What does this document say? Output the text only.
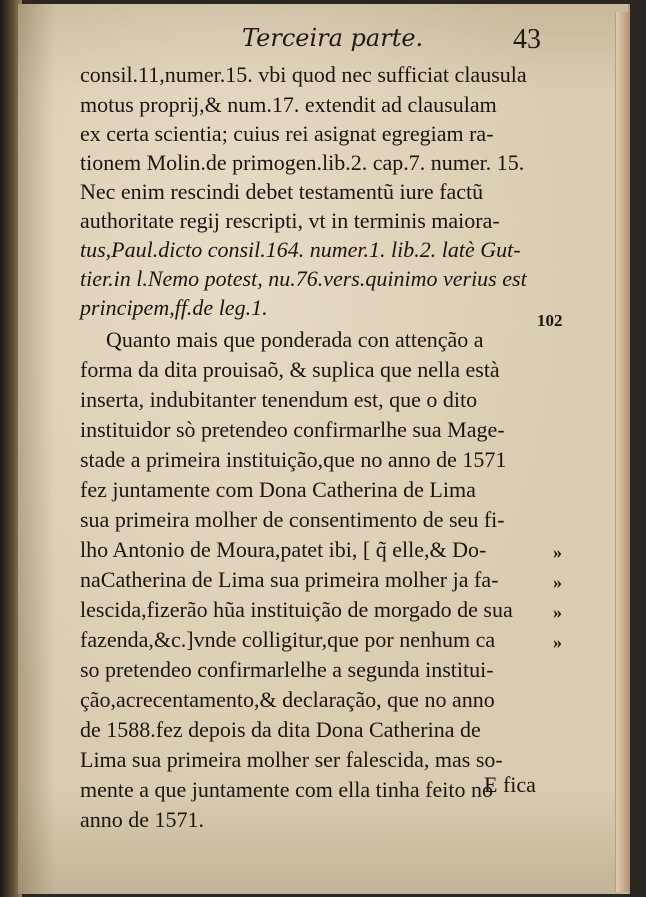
Terceira parte.	43
consil.11,numer.15. vbi quod nec sufficiat clausula
motus proprij,& num.17. extendit ad clausulam
ex certa scientia; cuius rei asignat egregiam ra-
tionem Molin.de primogen.lib.2. cap.7. numer. 15.
Nec enim rescindi debet testamentũ iure factũ
authoritate regij rescripti, vt in terminis maiora-
tus,Paul.dicto consil.164. numer.1. lib.2. latè Gut-
tier.in l.Nemo potest, nu.76.vers.quinimo verius est
principem,ff.de leg.1.
Quanto mais que ponderada con attenção a
102
forma da dita prouisaõ, & suplica que nella està
inserta, indubitanter tenendum est, que o dito
instituidor sò pretendeo confirmarlhe sua Mage-
stade a primeira instituição,que no anno de 1571
fez juntamente com Dona Catherina de Lima
sua primeira molher de consentimento de seu fi-
lho Antonio de Moura,patet ibi, [ q̃ elle,& Do-
naCatherina de Lima sua primeira molher ja fa-
lescida,fizerão hũa instituição de morgado de sua
fazenda,&c.]vnde colligitur,que por nenhum ca
so pretendeo confirmarlelhe a segunda institui-
ção,acrecentamento,& declaração, que no anno
de 1588.fez depois da dita Dona Catherina de
Lima sua primeira molher ser falescida, mas so-
mente a que juntamente com ella tinha feito no
anno de 1571.
»
»
»
»
E fica
